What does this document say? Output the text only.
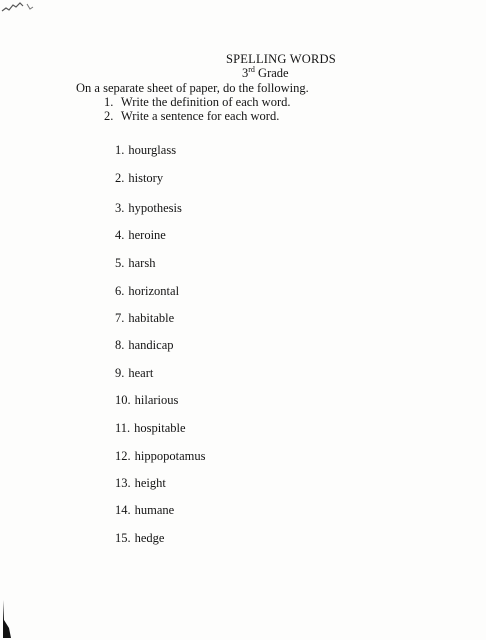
SPELLING WORDS
3rd Grade
On a separate sheet of paper, do the following.
1. Write the definition of each word.
2. Write a sentence for each word.
1. hourglass
2. history
3. hypothesis
4. heroine
5. harsh
6. horizontal
7. habitable
8. handicap
9. heart
10. hilarious
11. hospitable
12. hippopotamus
13. height
14. humane
15. hedge
